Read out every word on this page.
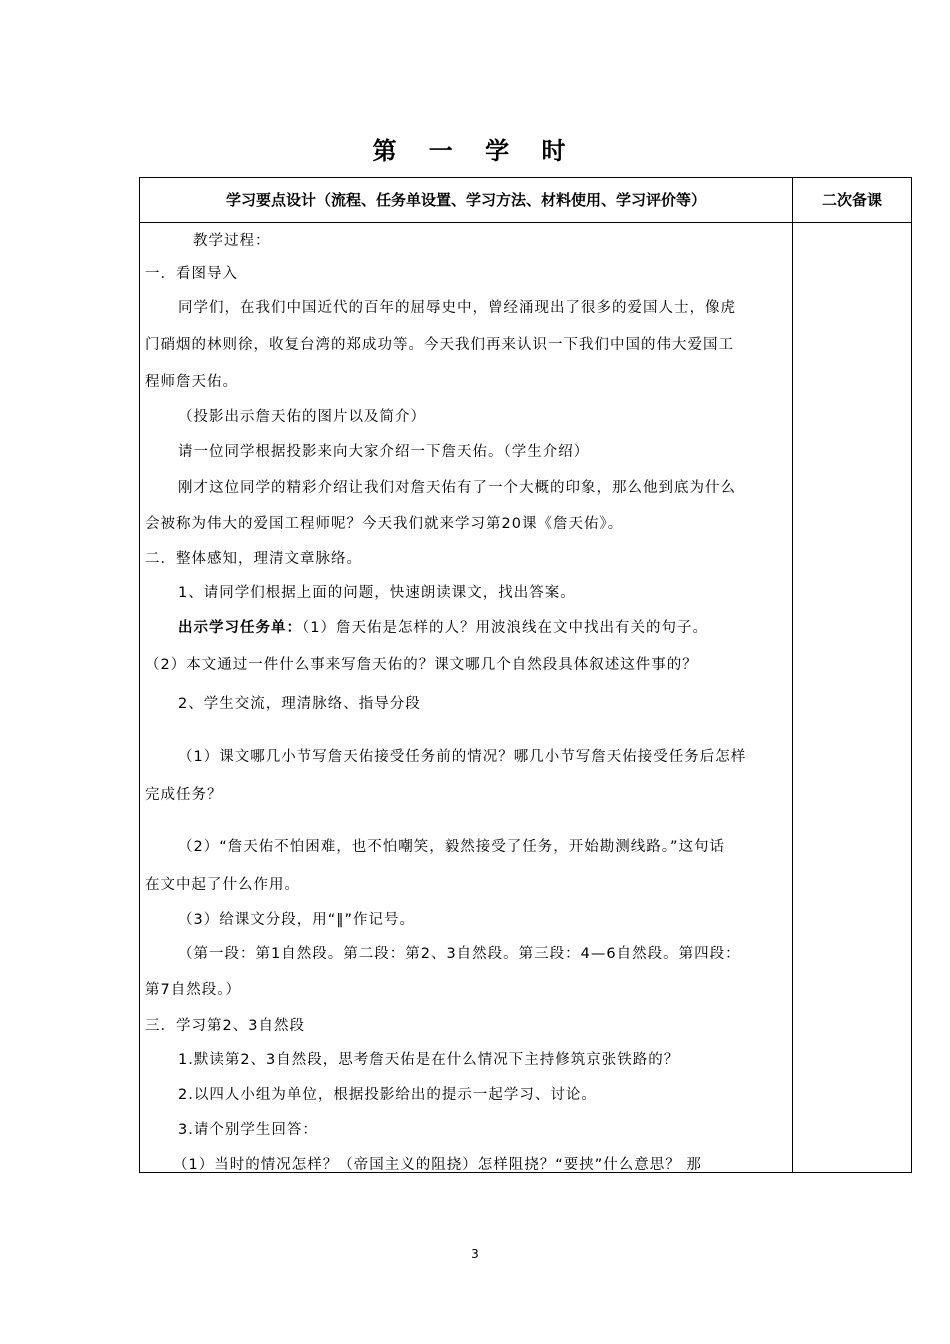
第 一 学 时
学习要点设计（流程、任务单设置、学习方法、材料使用、学习评价等）	二次备课
教学过程：
一．看图导入
同学们，在我们中国近代的百年的屈辱史中，曾经涌现出了很多的爱国人士，像虎
门硝烟的林则徐，收复台湾的郑成功等。今天我们再来认识一下我们中国的伟大爱国工
程师詹天佑。
（投影出示詹天佑的图片以及简介）
请一位同学根据投影来向大家介绍一下詹天佑。（学生介绍）
刚才这位同学的精彩介绍让我们对詹天佑有了一个大概的印象，那么他到底为什么
会被称为伟大的爱国工程师呢？今天我们就来学习第20课《詹天佑》。
二．整体感知，理清文章脉络。
1、请同学们根据上面的问题，快速朗读课文，找出答案。
出示学习任务单：（1）詹天佑是怎样的人？用波浪线在文中找出有关的句子。
（2）本文通过一件什么事来写詹天佑的？课文哪几个自然段具体叙述这件事的？
2、学生交流，理清脉络、指导分段
（1）课文哪几小节写詹天佑接受任务前的情况？哪几小节写詹天佑接受任务后怎样
完成任务？
（2）“詹天佑不怕困难，也不怕嘲笑，毅然接受了任务，开始勘测线路。”这句话
在文中起了什么作用。
（3）给课文分段，用“‖”作记号。
（第一段：第1自然段。第二段：第2、3自然段。第三段：4—6自然段。第四段：
第7自然段。）
三．学习第2、3自然段
1.默读第2、3自然段，思考詹天佑是在什么情况下主持修筑京张铁路的？
2.以四人小组为单位，根据投影给出的提示一起学习、讨论。
3.请个别学生回答：
（1）当时的情况怎样？（帝国主义的阻挠）怎样阻挠？“要挟”什么意思？ 那
3
